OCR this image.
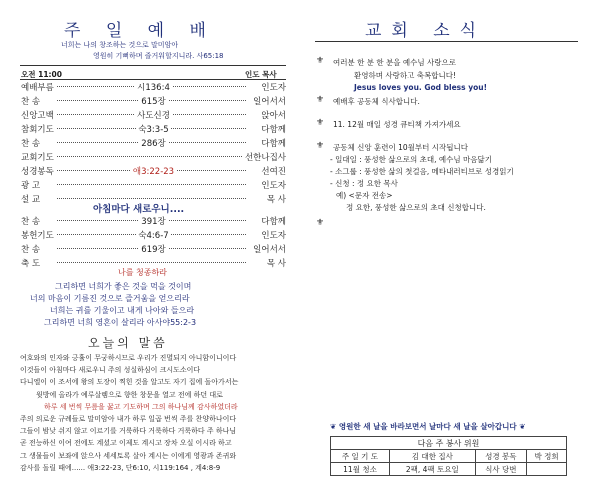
주 일 예 배
너희는 나의 창조하는 것으로 말미암아
영원히 기뻐하며 즐거워할지니라. 사65:18
오전 11:00	인도 목사
예배부름	시136:4	인도자
찬 송	615장	일어서서
신앙고백	사도신경	앉아서
참회기도	숙3:3-5	다함께
찬 송	286장	다함께
교회기도	선한나집사
성경봉독	애3:22-23	선여진
광 고	인도자
설 교	목 사
아침마다 새로우니....
찬 송	391장	다함께
봉헌기도	숙4:6-7	인도자
찬 송	619장	일어서서
축 도	목 사
나를 청종하라
그리하면 너희가 좋은 것을 먹을 것이며
너의 마음이 기름진 것으로 즐거움을 얻으리라
너희는 귀를 기울이고 내게 나아와 들으라
그리하면 너희 영혼이 살리라 아사야55:2-3
오늘의 말씀
여호와의 인자와 긍휼이 무궁하시므로 우리가 진멸되지 아니함이니이다
이것들이 아침마다 새로우니 주의 성실하심이 크시도소이다
다니엘이 이 조서에 왕의 도장이 찍힌 것을 알고도 자기 집에 돌아가서는
윗방에 올라가 예루살렘으로 향한 창문을 열고 전에 하던 대로
하루 세 번씩 무릎을 꿇고 기도하며 그의 하나님께 감사하였더라
주의 의로운 규례들로 말미암아 내가 하루 일곱 번씩 주를 찬양하나이다
그들이 밤낮 쉬지 않고 이르기를 거룩하다 거룩하다 거룩하다 주 하나님
곧 전능하신 이여 전에도 계셨고 이제도 계시고 장차 오실 이시라 하고
그 생물들이 보좌에 앉으사 세세토록 살아 계시는 이에게 영광과 존귀와
감사를 돌릴 때에...... 애3:22-23, 단6:10, 시119:164 , 계4:8-9
교회 소식
⚜ 여러분 한 분 한 분을 예수님 사랑으로
환영하며 사랑하고 축복합니다!
Jesus loves you. God bless you!
⚜ 예배후 공동체 식사합니다.
⚜ 11. 12월 매일 성경 큐티책 가져가세요
⚜ 공동체 신앙 훈련이 10월부터 시작됩니다
- 일대일 : 풍성한 삶으로의 초대, 예수님 마음닮기
- 소그룹 : 풍성한 삶의 첫걸음, 메타내러티브로 성경읽기
- 신청 : 정 요한 목사
예) <문자 전송>
정 요한, 풍성한 삶으로의 초대 신청합니다.
⚜
❦ 영원한 새 날을 바라보면서 날마다 새 날을 살아갑니다 ❦
다음 주 봉사 위원			
주 일 기 도	김 대한 집사	성경 봉독	박 정희
11월 청소	2팩, 4팩 토요일	식사 당번	
